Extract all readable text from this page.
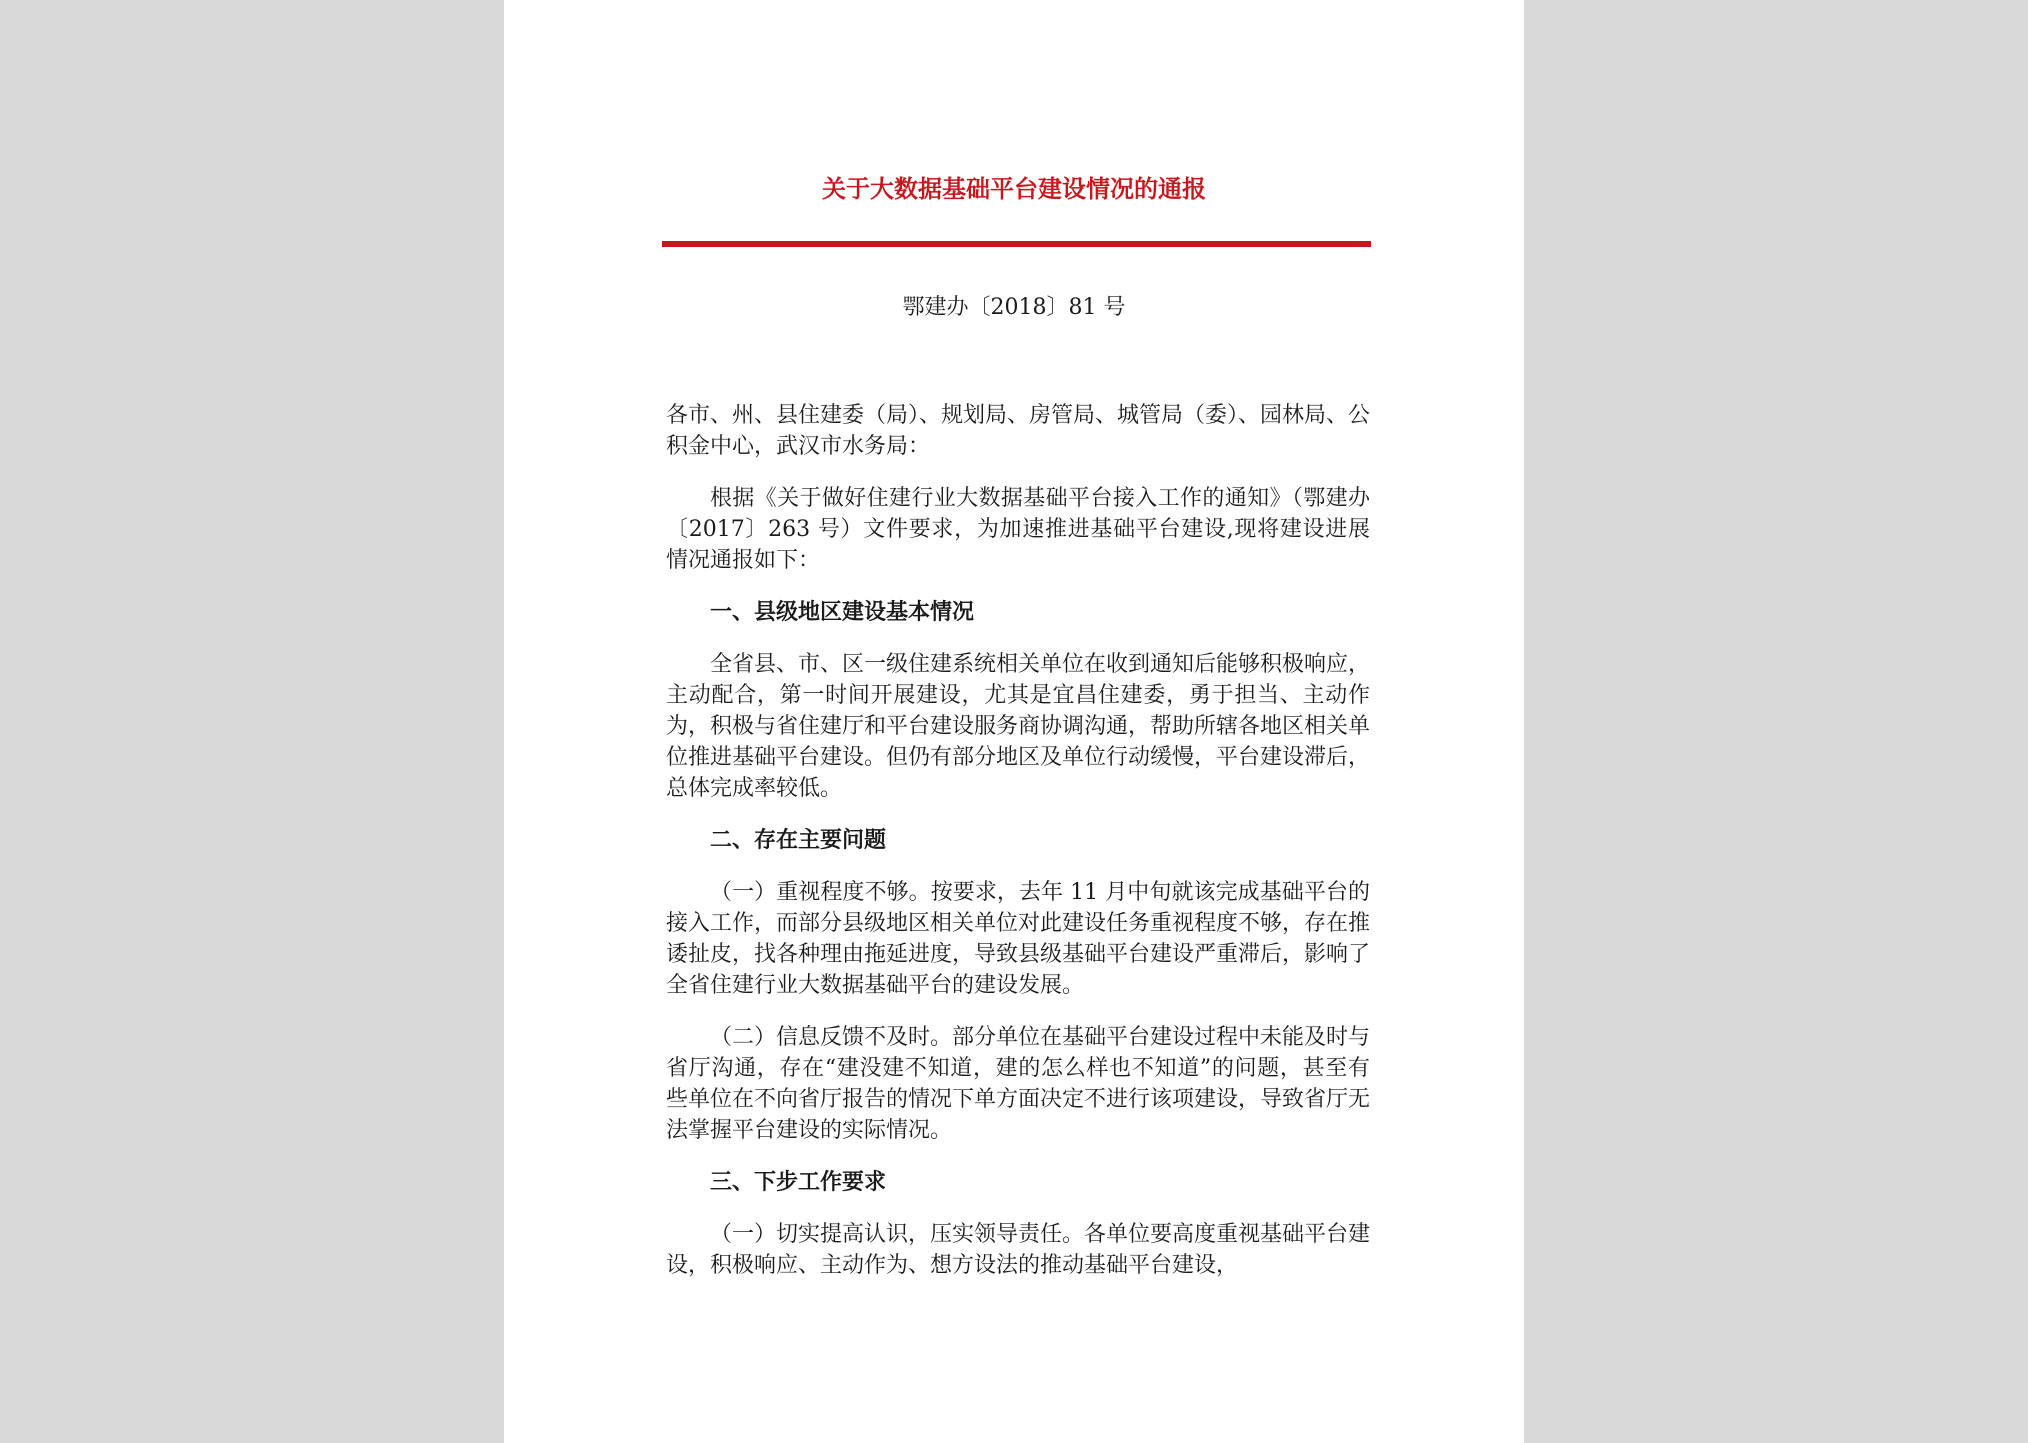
关于大数据基础平台建设情况的通报
鄂建办〔2018〕81 号

各市、州、县住建委（局）、规划局、房管局、城管局（委）、园林局、公积金中心，武汉市水务局：

根据《关于做好住建行业大数据基础平台接入工作的通知》（鄂建办〔2017〕263 号）文件要求，为加速推进基础平台建设,现将建设进展情况通报如下：

一、县级地区建设基本情况

全省县、市、区一级住建系统相关单位在收到通知后能够积极响应，主动配合，第一时间开展建设，尤其是宜昌住建委，勇于担当、主动作为，积极与省住建厅和平台建设服务商协调沟通，帮助所辖各地区相关单位推进基础平台建设。但仍有部分地区及单位行动缓慢，平台建设滞后，总体完成率较低。

二、存在主要问题

（一）重视程度不够。按要求，去年 11 月中旬就该完成基础平台的接入工作，而部分县级地区相关单位对此建设任务重视程度不够，存在推诿扯皮，找各种理由拖延进度，导致县级基础平台建设严重滞后，影响了全省住建行业大数据基础平台的建设发展。

（二）信息反馈不及时。部分单位在基础平台建设过程中未能及时与省厅沟通，存在“建没建不知道，建的怎么样也不知道”的问题，甚至有些单位在不向省厅报告的情况下单方面决定不进行该项建设，导致省厅无法掌握平台建设的实际情况。

三、下步工作要求

（一）切实提高认识，压实领导责任。各单位要高度重视基础平台建设，积极响应、主动作为、想方设法的推动基础平台建设，
